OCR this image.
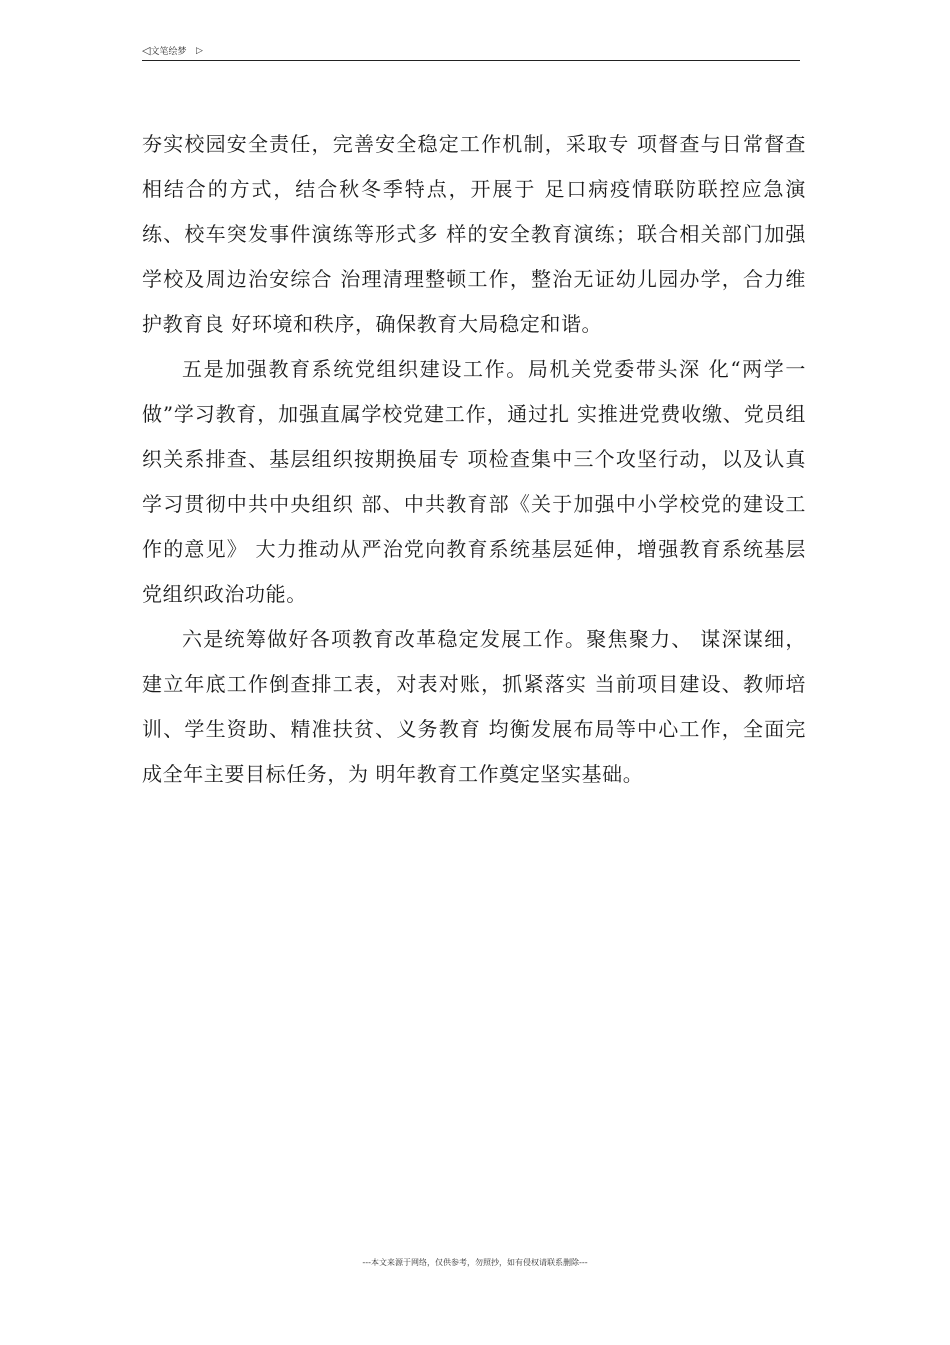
◁文笔绘梦 ▷

夯实校园安全责任，完善安全稳定工作机制，采取专 项督查与日常督查相结合的方式，结合秋冬季特点，开展于 足口病疫情联防联控应急演练、校车突发事件演练等形式多 样的安全教育演练；联合相关部门加强学校及周边治安综合 治理清理整顿工作，整治无证幼儿园办学，合力维护教育良 好环境和秩序，确保教育大局稳定和谐。

五是加强教育系统党组织建设工作。局机关党委带头深 化“两学一做”学习教育，加强直属学校党建工作，通过扎 实推进党费收缴、党员组织关系排查、基层组织按期换届专 项检查集中三个攻坚行动，以及认真学习贯彻中共中央组织 部、中共教育部《关于加强中小学校党的建设工作的意见》 大力推动从严治党向教育系统基层延伸，增强教育系统基层 党组织政治功能。

六是统筹做好各项教育改革稳定发展工作。聚焦聚力、 谋深谋细，建立年底工作倒查排工表，对表对账，抓紧落实 当前项目建设、教师培训、学生资助、精准扶贫、义务教育 均衡发展布局等中心工作，全面完成全年主要目标任务，为 明年教育工作奠定坚实基础。

---本文来源于网络，仅供参考，勿照抄，如有侵权请联系删除---
